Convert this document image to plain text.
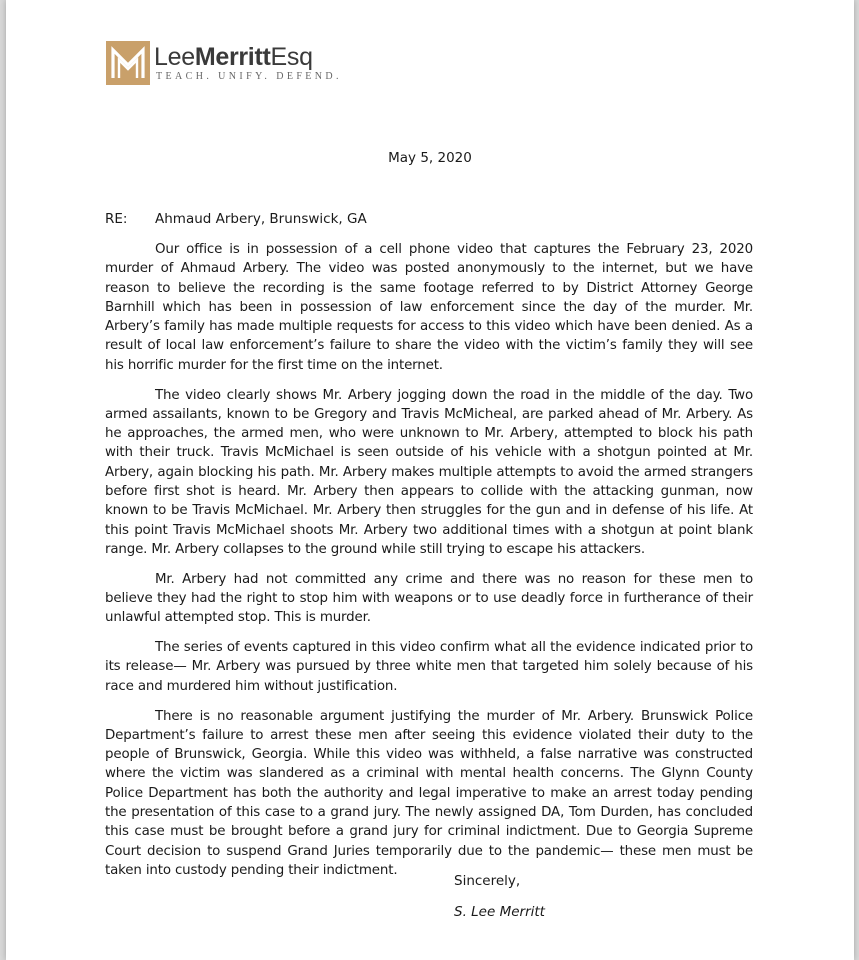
LeeMerrittEsq
TEACH. UNIFY. DEFEND.
May 5, 2020
RE: Ahmaud Arbery, Brunswick, GA

Our office is in possession of a cell phone video that captures the February 23, 2020 murder of Ahmaud Arbery. The video was posted anonymously to the internet, but we have reason to believe the recording is the same footage referred to by District Attorney George Barnhill which has been in possession of law enforcement since the day of the murder. Mr. Arbery’s family has made multiple requests for access to this video which have been denied. As a result of local law enforcement’s failure to share the video with the victim’s family they will see his horrific murder for the first time on the internet.

The video clearly shows Mr. Arbery jogging down the road in the middle of the day. Two armed assailants, known to be Gregory and Travis McMicheal, are parked ahead of Mr. Arbery. As he approaches, the armed men, who were unknown to Mr. Arbery, attempted to block his path with their truck. Travis McMichael is seen outside of his vehicle with a shotgun pointed at Mr. Arbery, again blocking his path. Mr. Arbery makes multiple attempts to avoid the armed strangers before first shot is heard. Mr. Arbery then appears to collide with the attacking gunman, now known to be Travis McMichael. Mr. Arbery then struggles for the gun and in defense of his life. At this point Travis McMichael shoots Mr. Arbery two additional times with a shotgun at point blank range. Mr. Arbery collapses to the ground while still trying to escape his attackers.

Mr. Arbery had not committed any crime and there was no reason for these men to believe they had the right to stop him with weapons or to use deadly force in furtherance of their unlawful attempted stop. This is murder.

The series of events captured in this video confirm what all the evidence indicated prior to its release— Mr. Arbery was pursued by three white men that targeted him solely because of his race and murdered him without justification.

There is no reasonable argument justifying the murder of Mr. Arbery. Brunswick Police Department’s failure to arrest these men after seeing this evidence violated their duty to the people of Brunswick, Georgia. While this video was withheld, a false narrative was constructed where the victim was slandered as a criminal with mental health concerns. The Glynn County Police Department has both the authority and legal imperative to make an arrest today pending the presentation of this case to a grand jury. The newly assigned DA, Tom Durden, has concluded this case must be brought before a grand jury for criminal indictment. Due to Georgia Supreme Court decision to suspend Grand Juries temporarily due to the pandemic— these men must be taken into custody pending their indictment.

Sincerely,
S. Lee Merritt
